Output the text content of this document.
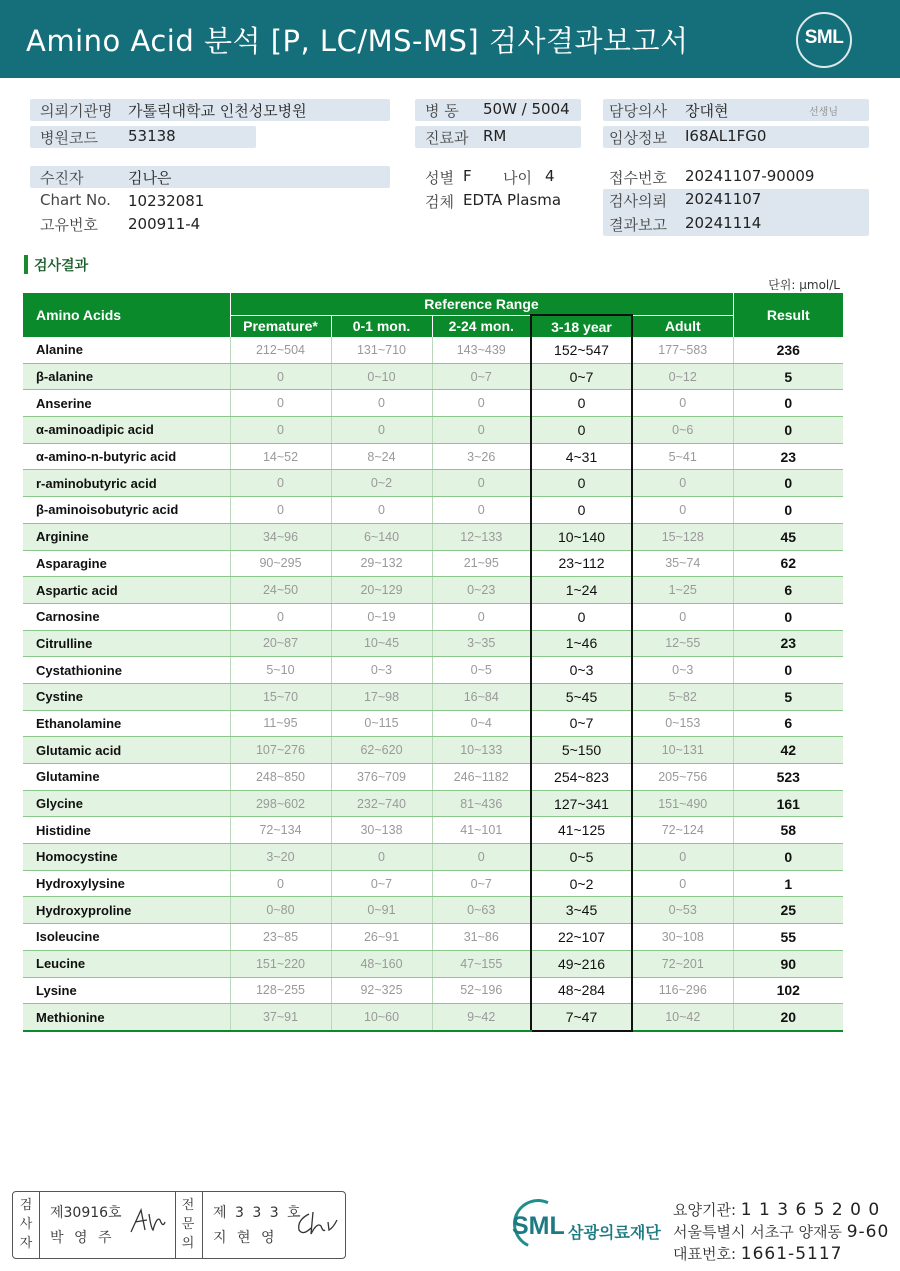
Amino Acid 분석 [P, LC/MS-MS] 검사결과보고서	SML
의뢰기관명 가톨릭대학교 인천성모병원
병원코드 53138
수진자	김나은
Chart No. 10232081
고유번호 200911-4
병 동 50W / 5004
진료과 RM
성별 F 나이 4
검체 EDTA Plasma
담당의사 장대현	선생님
임상정보 I68AL1FG0
접수번호 20241107-90009
검사의뢰 20241107
결과보고 20241114
검사결과
단위: μmol/L
Amino Acids	Reference Range					Result
	Premature*	0-1 mon.	2-24 mon.	3-18 year	Adult	
Alanine	212~504	131~710	143~439	152~547	177~583	236
β-alanine	0	0~10	0~7	0~7	0~12	5
Anserine	0	0	0	0	0	0
α-aminoadipic acid	0	0	0	0	0~6	0
α-amino-n-butyric acid	14~52	8~24	3~26	4~31	5~41	23
r-aminobutyric acid	0	0~2	0	0	0	0
β-aminoisobutyric acid	0	0	0	0	0	0
Arginine	34~96	6~140	12~133	10~140	15~128	45
Asparagine	90~295	29~132	21~95	23~112	35~74	62
Aspartic acid	24~50	20~129	0~23	1~24	1~25	6
Carnosine	0	0~19	0	0	0	0
Citrulline	20~87	10~45	3~35	1~46	12~55	23
Cystathionine	5~10	0~3	0~5	0~3	0~3	0
Cystine	15~70	17~98	16~84	5~45	5~82	5
Ethanolamine	11~95	0~115	0~4	0~7	0~153	6
Glutamic acid	107~276	62~620	10~133	5~150	10~131	42
Glutamine	248~850	376~709	246~1182	254~823	205~756	523
Glycine	298~602	232~740	81~436	127~341	151~490	161
Histidine	72~134	30~138	41~101	41~125	72~124	58
Homocystine	3~20	0	0	0~5	0	0
Hydroxylysine	0	0~7	0~7	0~2	0	1
Hydroxyproline	0~80	0~91	0~63	3~45	0~53	25
Isoleucine	23~85	26~91	31~86	22~107	30~108	55
Leucine	151~220	48~160	47~155	49~216	72~201	90
Lysine	128~255	92~325	52~196	48~284	116~296	102
Methionine	37~91	10~60	9~42	7~47	10~42	20
검
사
자
제30916호
박 영 주
전
문
의
제 3 3 3 호
지 현 영	SML 삼광의료재단
요양기관: 1 1 3 6 5 2 0 0
서울특별시 서초구 양재동 9-60
대표번호: 1661-5117
